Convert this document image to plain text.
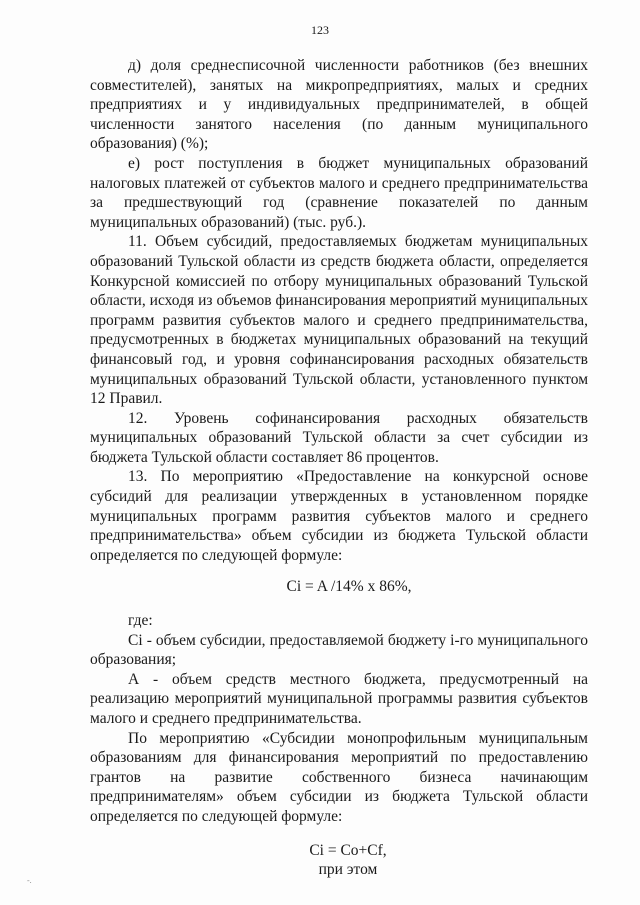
123

д) доля среднесписочной численности работников (без внешних совместителей), занятых на микропредприятиях, малых и средних предприятиях и у индивидуальных предпринимателей, в общей численности занятого населения (по данным муниципального образования) (%);

е) рост поступления в бюджет муниципальных образований налоговых платежей от субъектов малого и среднего предпринимательства за предшествующий год (сравнение показателей по данным муниципальных образований) (тыс. руб.).

11. Объем субсидий, предоставляемых бюджетам муниципальных образований Тульской области из средств бюджета области, определяется Конкурсной комиссией по отбору муниципальных образований Тульской области, исходя из объемов финансирования мероприятий муниципальных программ развития субъектов малого и среднего предпринимательства, предусмотренных в бюджетах муниципальных образований на текущий финансовый год, и уровня софинансирования расходных обязательств муниципальных образований Тульской области, установленного пунктом 12 Правил.

12. Уровень софинансирования расходных обязательств муниципальных образований Тульской области за счет субсидии из бюджета Тульской области составляет 86 процентов.

13. По мероприятию «Предоставление на конкурсной основе субсидий для реализации утвержденных в установленном порядке муниципальных программ развития субъектов малого и среднего предпринимательства» объем субсидии из бюджета Тульской области определяется по следующей формуле:

Ci = A /14% х 86%,

где:

Ci - объем субсидии, предоставляемой бюджету i-го муниципального образования;

А - объем средств местного бюджета, предусмотренный на реализацию мероприятий муниципальной программы развития субъектов малого и среднего предпринимательства.

По мероприятию «Субсидии монопрофильным муниципальным образованиям для финансирования мероприятий по предоставлению грантов на развитие собственного бизнеса начинающим предпринимателям» объем субсидии из бюджета Тульской области определяется по следующей формуле:

Ci = Co+Cf,

при этом

-.
